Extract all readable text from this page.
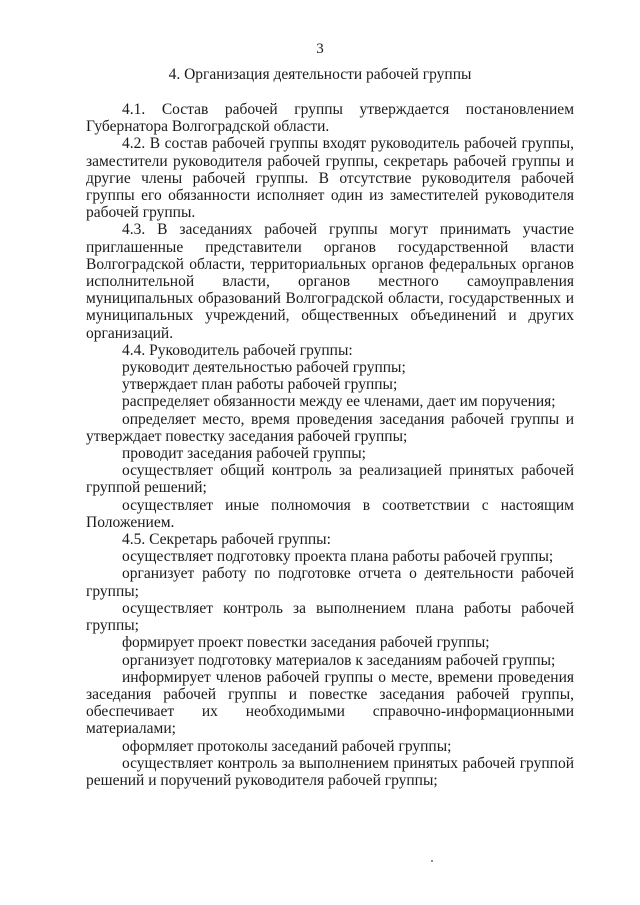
3
4. Организация деятельности рабочей группы

4.1. Состав рабочей группы утверждается постановлением Губернатора Волгоградской области.

4.2. В состав рабочей группы входят руководитель рабочей группы, заместители руководителя рабочей группы, секретарь рабочей группы и другие члены рабочей группы. В отсутствие руководителя рабочей группы его обязанности исполняет один из заместителей руководителя рабочей группы.

4.3. В заседаниях рабочей группы могут принимать участие приглашенные представители органов государственной власти Волгоградской области, территориальных органов федеральных органов исполнительной власти, органов местного самоуправления муниципальных образований Волгоградской области, государственных и муниципальных учреждений, общественных объединений и других организаций.

4.4. Руководитель рабочей группы:

руководит деятельностью рабочей группы;

утверждает план работы рабочей группы;

распределяет обязанности между ее членами, дает им поручения;

определяет место, время проведения заседания рабочей группы и утверждает повестку заседания рабочей группы;

проводит заседания рабочей группы;

осуществляет общий контроль за реализацией принятых рабочей группой решений;

осуществляет иные полномочия в соответствии с настоящим Положением.

4.5. Секретарь рабочей группы:

осуществляет подготовку проекта плана работы рабочей группы;

организует работу по подготовке отчета о деятельности рабочей группы;

осуществляет контроль за выполнением плана работы рабочей группы;

формирует проект повестки заседания рабочей группы;

организует подготовку материалов к заседаниям рабочей группы;

информирует членов рабочей группы о месте, времени проведения заседания рабочей группы и повестке заседания рабочей группы, обеспечивает их необходимыми справочно-информационными материалами;

оформляет протоколы заседаний рабочей группы;

осуществляет контроль за выполнением принятых рабочей группой решений и поручений руководителя рабочей группы;
